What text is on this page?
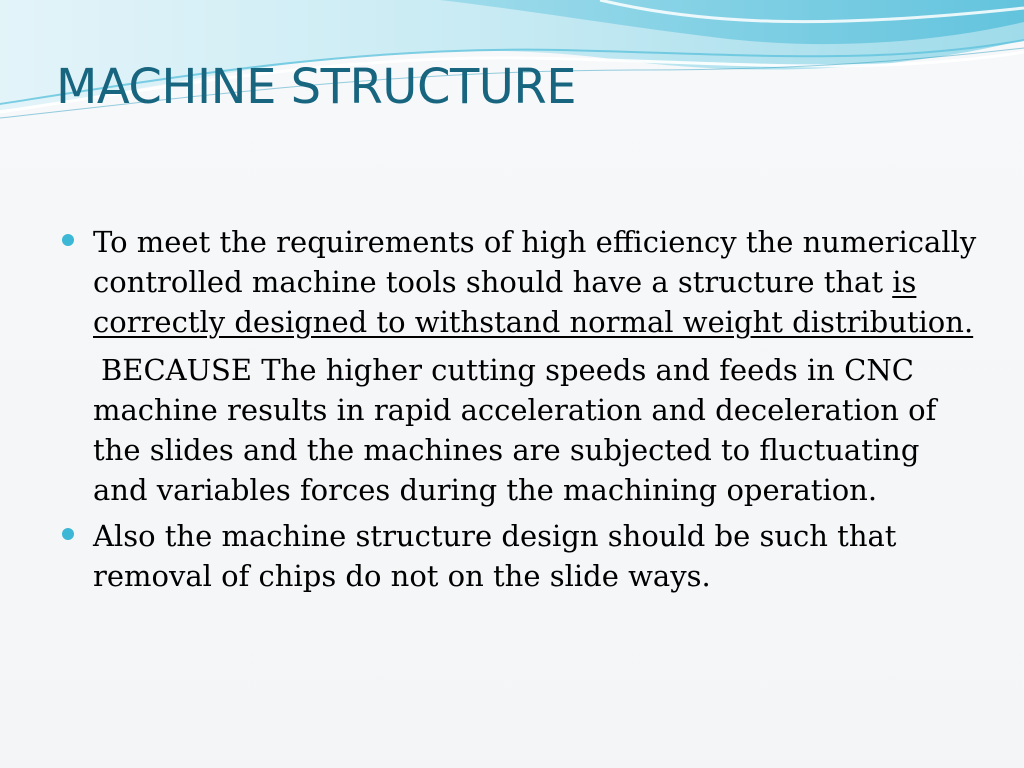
MACHINE STRUCTURE

To meet the requirements of high efficiency the numerically controlled machine tools should have a structure that is correctly designed to withstand normal weight distribution.

BECAUSE The higher cutting speeds and feeds in CNC machine results in rapid acceleration and deceleration of the slides and the machines are subjected to fluctuating and variables forces during the machining operation.

Also the machine structure design should be such that removal of chips do not on the slide ways.
